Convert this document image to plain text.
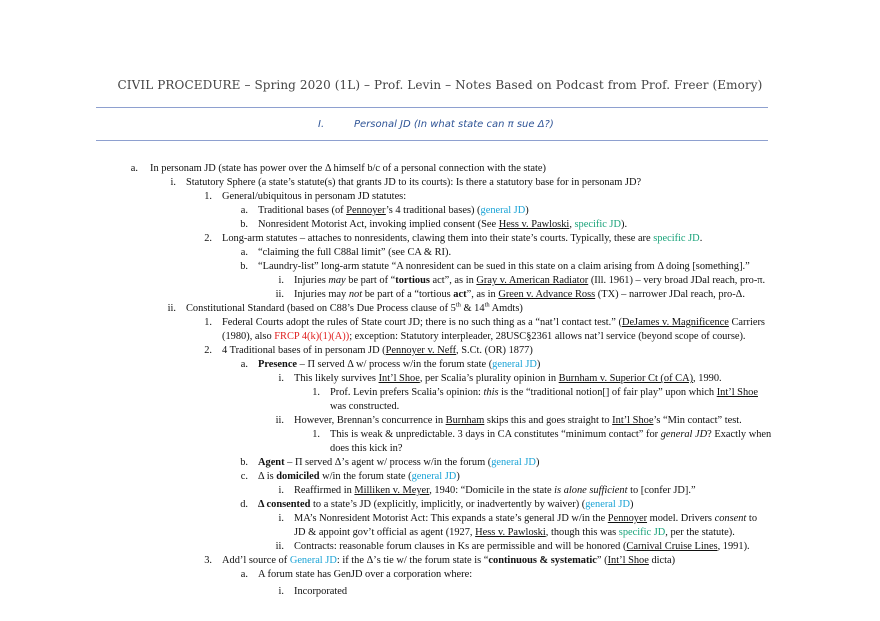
CIVIL PROCEDURE – Spring 2020 (1L) – Prof. Levin – Notes Based on Podcast from Prof. Freer (Emory)
I.	Personal JD (In what state can π sue Δ?)
a. In personam JD (state has power over the Δ himself b/c of a personal connection with the state)
i. Statutory Sphere (a state’s statute(s) that grants JD to its courts): Is there a statutory base for in personam JD?
1. General/ubiquitous in personam JD statutes:
a. Traditional bases (of Pennoyer’s 4 traditional bases) (general JD)
b. Nonresident Motorist Act, invoking implied consent (See Hess v. Pawloski, specific JD).
2. Long-arm statutes – attaches to nonresidents, clawing them into their state’s courts. Typically, these are specific JD.
a. “claiming the full C88al limit” (see CA & RI).
b. “Laundry-list” long-arm statute “A nonresident can be sued in this state on a claim arising from Δ doing [something].”
i. Injuries may be part of “tortious act”, as in Gray v. American Radiator (Ill. 1961) – very broad JDal reach, pro-π.
ii. Injuries may not be part of a “tortious act”, as in Green v. Advance Ross (TX) – narrower JDal reach, pro-Δ.
ii. Constitutional Standard (based on C88’s Due Process clause of 5th & 14th Amdts)
1. Federal Courts adopt the rules of State court JD; there is no such thing as a “nat’l contact test.” (DeJames v. Magnificence Carriers
(1980), also FRCP 4(k)(1)(A)); exception: Statutory interpleader, 28USC§2361 allows nat’l service (beyond scope of course).
2. 4 Traditional bases of in personam JD (Pennoyer v. Neff, S.Ct. (OR) 1877)
a. Presence – Π served Δ w/ process w/in the forum state (general JD)
i. This likely survives Int’l Shoe, per Scalia’s plurality opinion in Burnham v. Superior Ct (of CA), 1990.
1. Prof. Levin prefers Scalia’s opinion: this is the “traditional notion[] of fair play” upon which Int’l Shoe
was constructed.
ii. However, Brennan’s concurrence in Burnham skips this and goes straight to Int’l Shoe’s “Min contact” test.
1. This is weak & unpredictable. 3 days in CA constitutes “minimum contact” for general JD? Exactly when
does this kick in?
b. Agent – Π served Δ’s agent w/ process w/in the forum (general JD)
c. Δ is domiciled w/in the forum state (general JD)
i. Reaffirmed in Milliken v. Meyer, 1940: “Domicile in the state is alone sufficient to [confer JD].”
d. Δ consented to a state’s JD (explicitly, implicitly, or inadvertently by waiver) (general JD)
i. MA’s Nonresident Motorist Act: This expands a state’s general JD w/in the Pennoyer model. Drivers consent to
JD & appoint gov’t official as agent (1927, Hess v. Pawloski, though this was specific JD, per the statute).
ii. Contracts: reasonable forum clauses in Ks are permissible and will be honored (Carnival Cruise Lines, 1991).
3. Add’l source of General JD: if the Δ’s tie w/ the forum state is “continuous & systematic” (Int’l Shoe dicta)
a. A forum state has GenJD over a corporation where:
i. Incorporated
